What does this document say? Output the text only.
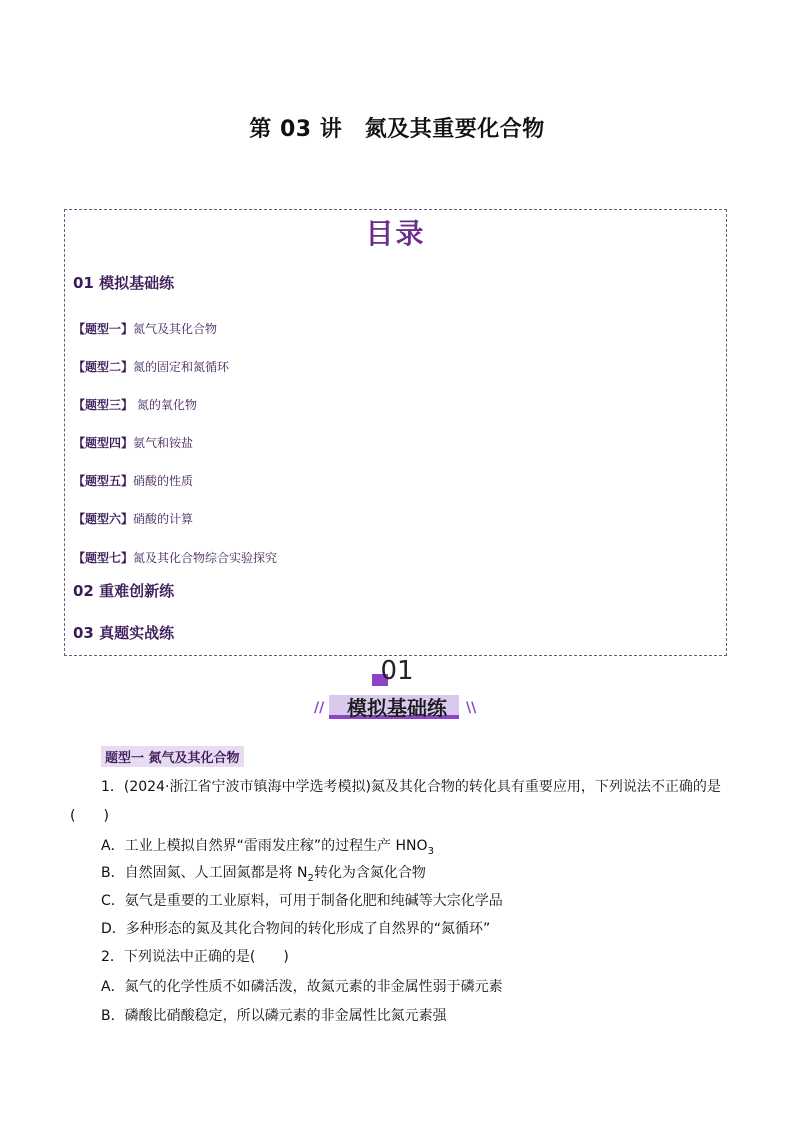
第 03 讲　氮及其重要化合物
目录
01 模拟基础练
【题型一】氮气及其化合物
【题型二】氮的固定和氮循环
【题型三】 氮的氧化物
【题型四】氨气和铵盐
【题型五】硝酸的性质
【题型六】硝酸的计算
【题型七】氮及其化合物综合实验探究
02 重难创新练
03 真题实战练
01
//	模拟基础练	\\
题型一 氮气及其化合物
1．(2024·浙江省宁波市镇海中学选考模拟)氮及其化合物的转化具有重要应用，下列说法不正确的是
(　　)
A．工业上模拟自然界“雷雨发庄稼”的过程生产 $HNO_3$
B．自然固氮、人工固氮都是将 $N_2$转化为含氮化合物
C．氨气是重要的工业原料，可用于制备化肥和纯碱等大宗化学品
D．多种形态的氮及其化合物间的转化形成了自然界的“氮循环”
2．下列说法中正确的是(　　)
A．氮气的化学性质不如磷活泼，故氮元素的非金属性弱于磷元素
B．磷酸比硝酸稳定，所以磷元素的非金属性比氮元素强
